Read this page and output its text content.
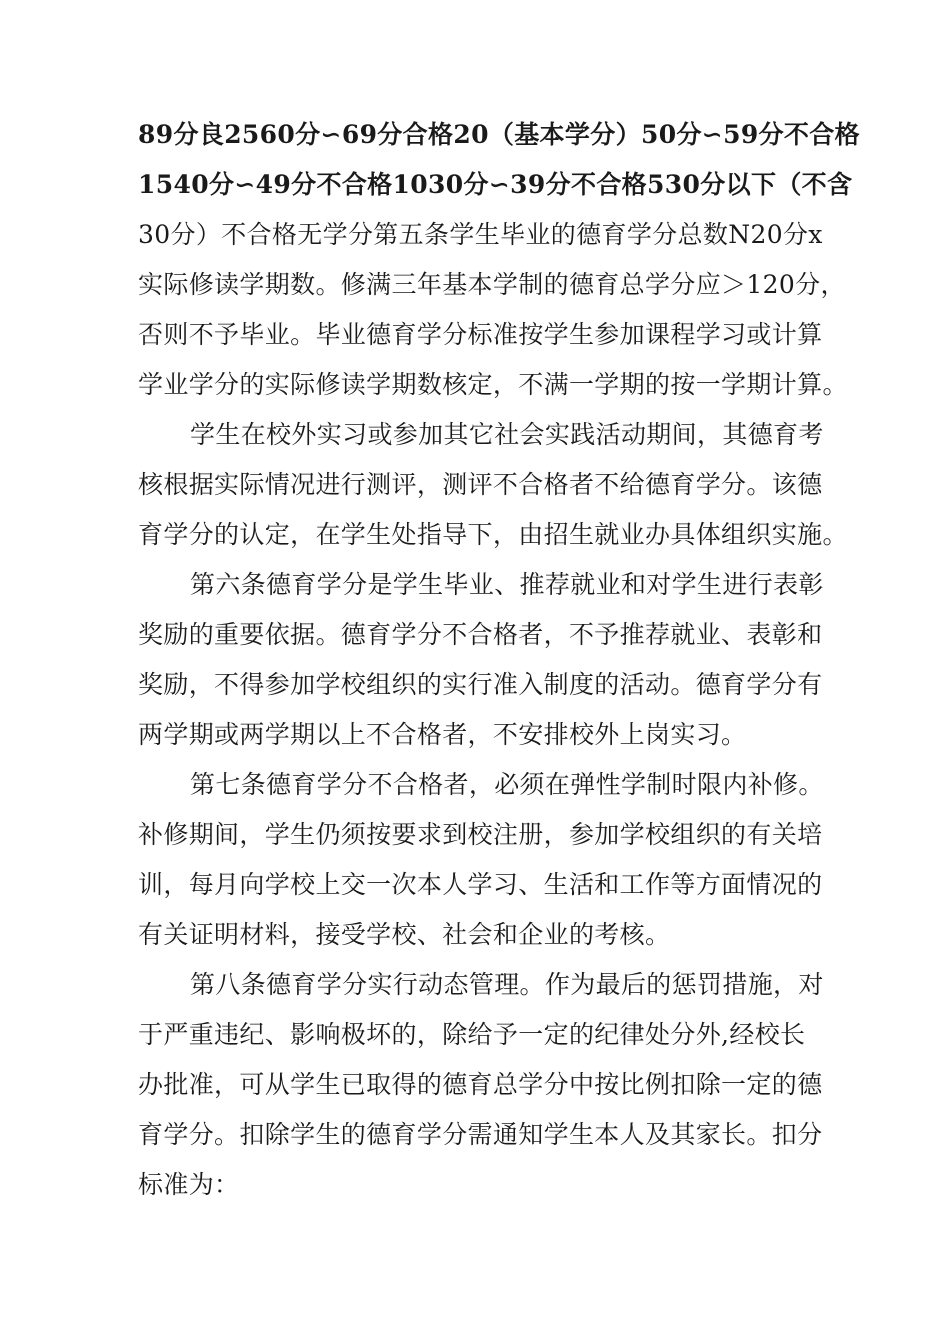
89分良2560分∽69分合格20（基本学分）50分∽59分不合格
1540分∽49分不合格1030分∽39分不合格530分以下（不含
30分）不合格无学分第五条学生毕业的德育学分总数N20分x
实际修读学期数。修满三年基本学制的德育总学分应＞120分，
否则不予毕业。毕业德育学分标准按学生参加课程学习或计算
学业学分的实际修读学期数核定，不满一学期的按一学期计算。
学生在校外实习或参加其它社会实践活动期间，其德育考
核根据实际情况进行测评，测评不合格者不给德育学分。该德
育学分的认定，在学生处指导下，由招生就业办具体组织实施。
第六条德育学分是学生毕业、推荐就业和对学生进行表彰
奖励的重要依据。德育学分不合格者，不予推荐就业、表彰和
奖励，不得参加学校组织的实行准入制度的活动。德育学分有
两学期或两学期以上不合格者，不安排校外上岗实习。
第七条德育学分不合格者，必须在弹性学制时限内补修。
补修期间，学生仍须按要求到校注册，参加学校组织的有关培
训，每月向学校上交一次本人学习、生活和工作等方面情况的
有关证明材料，接受学校、社会和企业的考核。
第八条德育学分实行动态管理。作为最后的惩罚措施，对
于严重违纪、影响极坏的，除给予一定的纪律处分外,经校长
办批准，可从学生已取得的德育总学分中按比例扣除一定的德
育学分。扣除学生的德育学分需通知学生本人及其家长。扣分
标准为：
